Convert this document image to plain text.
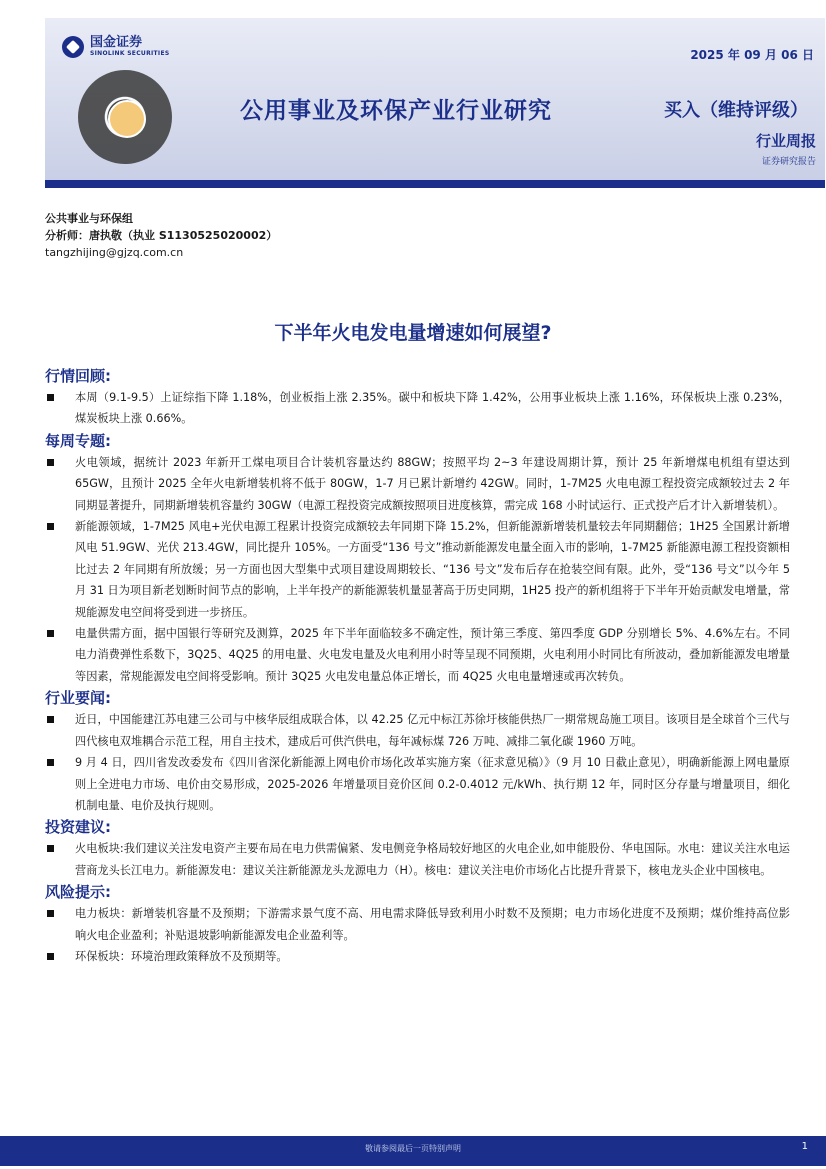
国金证券
SINOLINK SECURITIES	2025 年 09 月 06 日
公用事业及环保产业行业研究	买入（维持评级）
行业周报
证券研究报告
公共事业与环保组
分析师：唐执敬（执业 S1130525020002）
tangzhijing@gjzq.com.cn
下半年火电发电量增速如何展望?
行情回顾:

本周（9.1-9.5）上证综指下降 1.18%，创业板指上涨 2.35%。碳中和板块下降 1.42%，公用事业板块上涨 1.16%，环保板块上涨 0.23%，煤炭板块上涨 0.66%。

每周专题:

火电领域，据统计 2023 年新开工煤电项目合计装机容量达约 88GW；按照平均 2~3 年建设周期计算，预计 25 年新增煤电机组有望达到 65GW，且预计 2025 全年火电新增装机将不低于 80GW，1-7 月已累计新增约 42GW。同时，1-7M25 火电电源工程投资完成额较过去 2 年同期显著提升，同期新增装机容量约 30GW（电源工程投资完成额按照项目进度核算，需完成 168 小时试运行、正式投产后才计入新增装机）。

新能源领域，1-7M25 风电+光伏电源工程累计投资完成额较去年同期下降 15.2%，但新能源新增装机量较去年同期翻倍；1H25 全国累计新增风电 51.9GW、光伏 213.4GW，同比提升 105%。一方面受“136 号文”推动新能源发电量全面入市的影响，1-7M25 新能源电源工程投资额相比过去 2 年同期有所放缓；另一方面也因大型集中式项目建设周期较长、“136 号文”发布后存在抢装空间有限。此外，受“136 号文”以今年 5 月 31 日为项目新老划断时间节点的影响，上半年投产的新能源装机量显著高于历史同期，1H25 投产的新机组将于下半年开始贡献发电增量，常规能源发电空间将受到进一步挤压。

电量供需方面，据中国银行等研究及测算，2025 年下半年面临较多不确定性，预计第三季度、第四季度 GDP 分别增长 5%、4.6%左右。不同电力消费弹性系数下，3Q25、4Q25 的用电量、火电发电量及火电利用小时等呈现不同预期，火电利用小时同比有所波动，叠加新能源发电增量等因素，常规能源发电空间将受影响。预计 3Q25 火电发电量总体正增长，而 4Q25 火电电量增速或再次转负。

行业要闻:

近日，中国能建江苏电建三公司与中核华辰组成联合体，以 42.25 亿元中标江苏徐圩核能供热厂一期常规岛施工项目。该项目是全球首个三代与四代核电双堆耦合示范工程，用自主技术，建成后可供汽供电，每年减标煤 726 万吨、减排二氧化碳 1960 万吨。

9 月 4 日，四川省发改委发布《四川省深化新能源上网电价市场化改革实施方案（征求意见稿）》（9 月 10 日截止意见），明确新能源上网电量原则上全进电力市场、电价由交易形成，2025-2026 年增量项目竞价区间 0.2-0.4012 元/kWh、执行期 12 年，同时区分存量与增量项目，细化机制电量、电价及执行规则。

投资建议:

火电板块:我们建议关注发电资产主要布局在电力供需偏紧、发电侧竞争格局较好地区的火电企业,如申能股份、华电国际。水电：建议关注水电运营商龙头长江电力。新能源发电：建议关注新能源龙头龙源电力（H）。核电：建议关注电价市场化占比提升背景下，核电龙头企业中国核电。

风险提示:

电力板块：新增装机容量不及预期；下游需求景气度不高、用电需求降低导致利用小时数不及预期；电力市场化进度不及预期；煤价维持高位影响火电企业盈利；补贴退坡影响新能源发电企业盈利等。

环保板块：环境治理政策释放不及预期等。

敬请参阅最后一页特别声明	1
